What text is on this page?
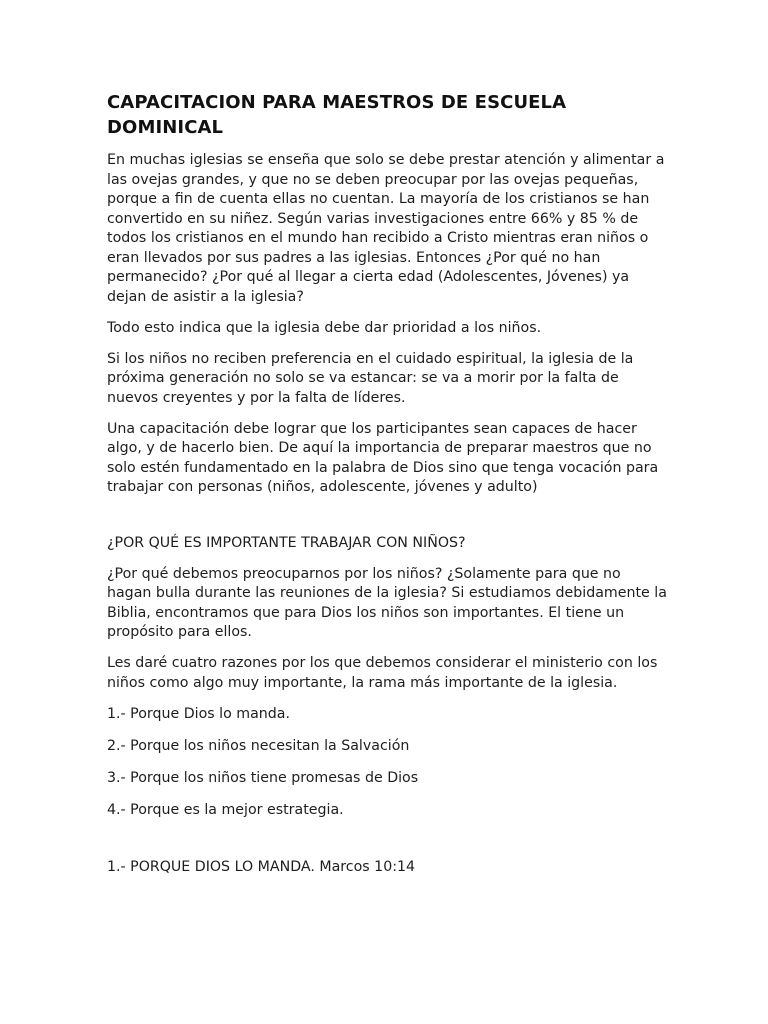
CAPACITACION PARA MAESTROS DE ESCUELA DOMINICAL

En muchas iglesias se enseña que solo se debe prestar atención y alimentar a las ovejas grandes, y que no se deben preocupar por las ovejas pequeñas, porque a fin de cuenta ellas no cuentan. La mayoría de los cristianos se han convertido en su niñez. Según varias investigaciones entre 66% y 85 % de todos los cristianos en el mundo han recibido a Cristo mientras eran niños o eran llevados por sus padres a las iglesias. Entonces ¿Por qué no han permanecido? ¿Por qué al llegar a cierta edad (Adolescentes, Jóvenes) ya dejan de asistir a la iglesia?

Todo esto indica que la iglesia debe dar prioridad a los niños.

Si los niños no reciben preferencia en el cuidado espiritual, la iglesia de la próxima generación no solo se va estancar: se va a morir por la falta de nuevos creyentes y por la falta de líderes.

Una capacitación debe lograr que los participantes sean capaces de hacer algo, y de hacerlo bien. De aquí la importancia de preparar maestros que no solo estén fundamentado en la palabra de Dios sino que tenga vocación para trabajar con personas (niños, adolescente, jóvenes y adulto)

¿POR QUÉ ES IMPORTANTE TRABAJAR CON NIÑOS?

¿Por qué debemos preocuparnos por los niños? ¿Solamente para que no hagan bulla durante las reuniones de la iglesia? Si estudiamos debidamente la Biblia, encontramos que para Dios los niños son importantes. El tiene un propósito para ellos.

Les daré cuatro razones por los que debemos considerar el ministerio con los niños como algo muy importante, la rama más importante de la iglesia.

1.- Porque Dios lo manda.

2.- Porque los niños necesitan la Salvación

3.- Porque los niños tiene promesas de Dios

4.- Porque es la mejor estrategia.

1.- PORQUE DIOS LO MANDA. Marcos 10:14
